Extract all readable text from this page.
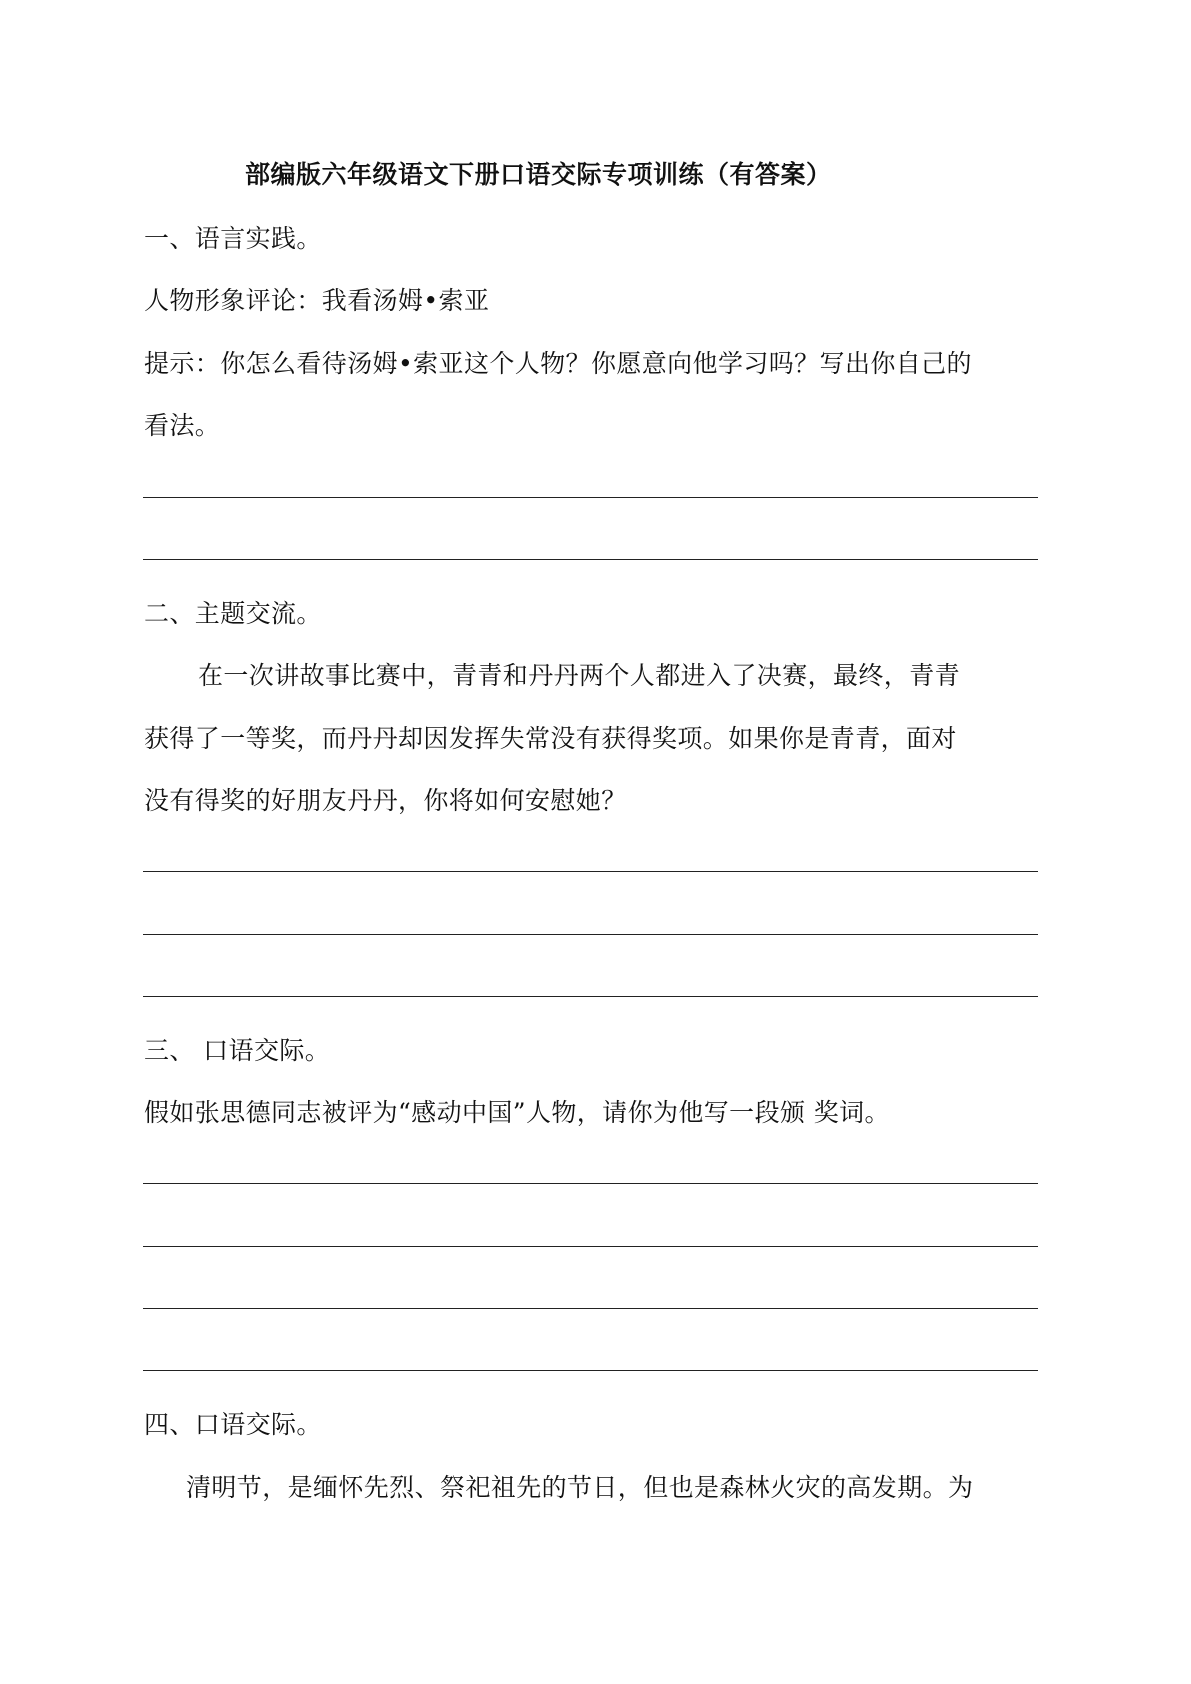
部编版六年级语文下册口语交际专项训练（有答案）
一、语言实践。
人物形象评论：我看汤姆•索亚
提示：你怎么看待汤姆•索亚这个人物？你愿意向他学习吗？写出你自己的
看法。
二、主题交流。
在一次讲故事比赛中，青青和丹丹两个人都进入了决赛，最终，青青
获得了一等奖，而丹丹却因发挥失常没有获得奖项。如果你是青青，面对
没有得奖的好朋友丹丹，你将如何安慰她？
三、 口语交际。
假如张思德同志被评为“感动中国”人物，请你为他写一段颁 奖词。
四、口语交际。
清明节，是缅怀先烈、祭祀祖先的节日，但也是森林火灾的高发期。为
